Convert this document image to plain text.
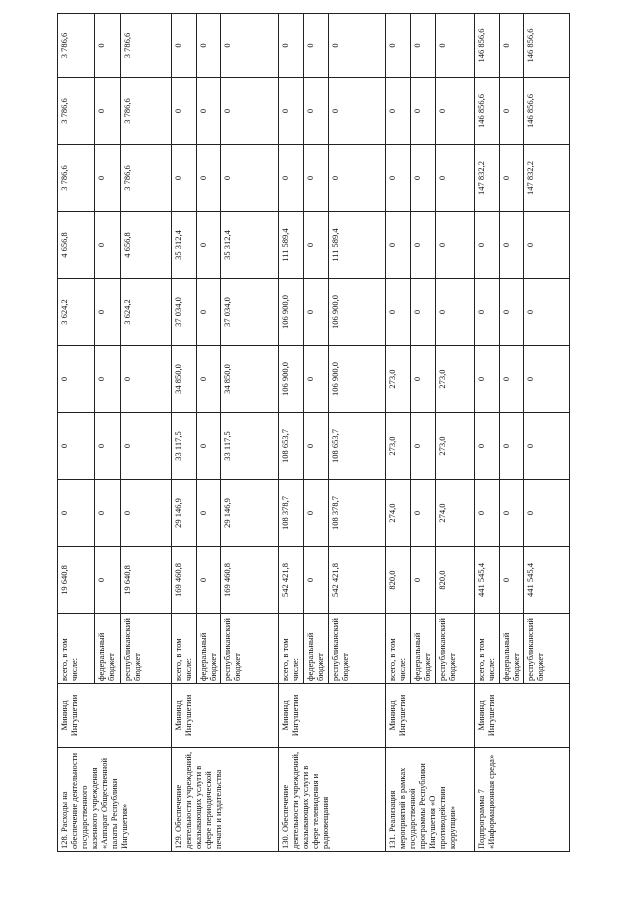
128. Расходы на обеспечение деятельности государственного казенного учреждения «Аппарат Общественной палаты Республики Ингушетия»	Мининд Ингушетии	всего, в том числе:	19 640,8	0	0	0	3 624,2	4 656,8	3 786,6	3 786,6	3 786,6
		федеральный бюджет	0	0	0	0	0	0	0	0	0
		республиканский бюджет	19 640,8	0	0	0	3 624,2	4 656,8	3 786,6	3 786,6	3 786,6
129. Обеспечение деятельности учреждений, оказывающих услуги в сфере периодической печати и издательства	Мининд Ингушетии	всего, в том числе:	169 460,8	29 146,9	33 117,5	34 850,0	37 034,0	35 312,4	0	0	0
		федеральный бюджет	0	0	0	0	0	0	0	0	0
		республиканский бюджет	169 460,8	29 146,9	33 117,5	34 850,0	37 034,0	35 312,4	0	0	0
130. Обеспечение деятельности учреждений, оказывающих услуги в сфере телевидения и радиовещания	Мининд Ингушетии	всего, в том числе:	542 421,8	108 378,7	108 653,7	106 900,0	106 900,0	111 589,4	0	0	0
		федеральный бюджет	0	0	0	0	0	0	0	0	0
		республиканский бюджет	542 421,8	108 378,7	108 653,7	106 900,0	106 900,0	111 589,4	0	0	0
131. Реализация мероприятий в рамках государственной программы Республики Ингушетия «О противодействии коррупции»	Мининд Ингушетии	всего, в том числе:	820,0	274,0	273,0	273,0	0	0	0	0	0
		федеральный бюджет	0	0	0	0	0	0	0	0	0
		республиканский бюджет	820,0	274,0	273,0	273,0	0	0	0	0	0
Подпрограмма 7 «Информационная среда»	Мининд Ингушетии	всего, в том числе:	441 545,4	0	0	0	0	0	147 832,2	146 856,6	146 856,6
		федеральный бюджет	0	0	0	0	0	0	0	0	0
		республиканский бюджет	441 545,4	0	0	0	0	0	147 832,2	146 856,6	146 856,6
